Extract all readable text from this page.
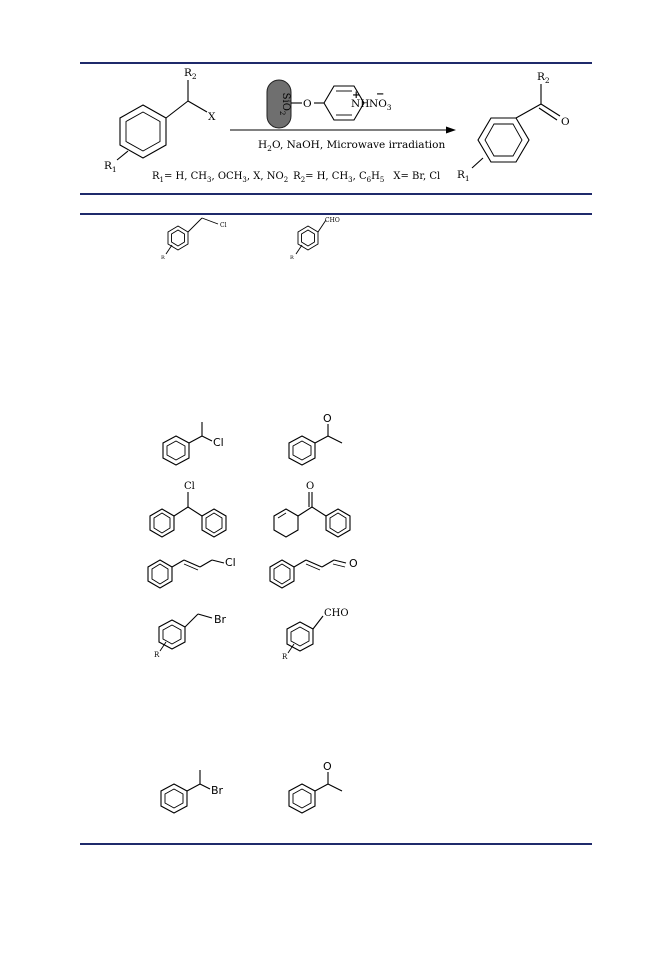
$R_2$
X
$R_1$
SiO$_2$
O	NH
+
$NO_3$
−
$H_2O$, NaOH, Microwave irradiation
$R_2$
O
$R_1$
$R_1= H$, $CH_3$, $OCH_3$, X, $NO_2$ $R_2= H$, $CH_3$, $C_6H_5$ X= Br, Cl
Cl
R
CHO
R
Cl
O
Cl	O
Cl	O
Br
R
CHO
R
Br
O
